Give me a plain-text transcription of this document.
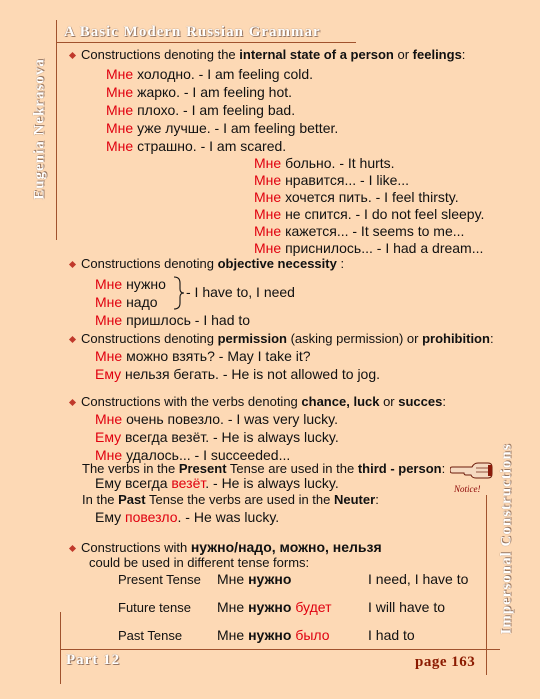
A Basic Modern Russian Grammar
Eugenia Nekrasova
Impersonal Constructions
Constructions denoting the internal state of a person or feelings:
Мне холодно. - I am feeling cold.
Мне жарко. - I am feeling hot.
Мне плохо. - I am feeling bad.
Мне уже лучше. - I am feeling better.
Мне страшно. - I am scared.
Мне больно. - It hurts.
Мне нравится... - I like...
Мне хочется пить. - I feel thirsty.
Мне не спится. - I do not feel sleepy.
Мне кажется... - It seems to me...
Мне приснилось... - I had a dream...
Constructions denoting objective necessity :
Мне нужно
Мне надо
- I have to, I need
Мне пришлось - I had to
Constructions denoting permission (asking permission) or prohibition:
Мне можно взять? - May I take it?
Ему нельзя бегать. - He is not allowed to jog.
Constructions with the verbs denoting chance, luck or succes:
Мне очень повезло. - I was very lucky.
Ему всегда везёт. - He is always lucky.
Мне удалось... - I succeeded...
The verbs in the Present Tense are used in the third - person:
Ему всегда везёт. - He is always lucky.
In the Past Tense the verbs are used in the Neuter:
Ему повезло. - He was lucky.
Notice!
Constructions with нужно/надо, можно, нельзя
could be used in different tense forms:
Present Tense Мне нужно	I need, I have to
Future tense Мне нужно будет	I will have to
Past Tense Мне нужно было	I had to
Part 12	page 163
